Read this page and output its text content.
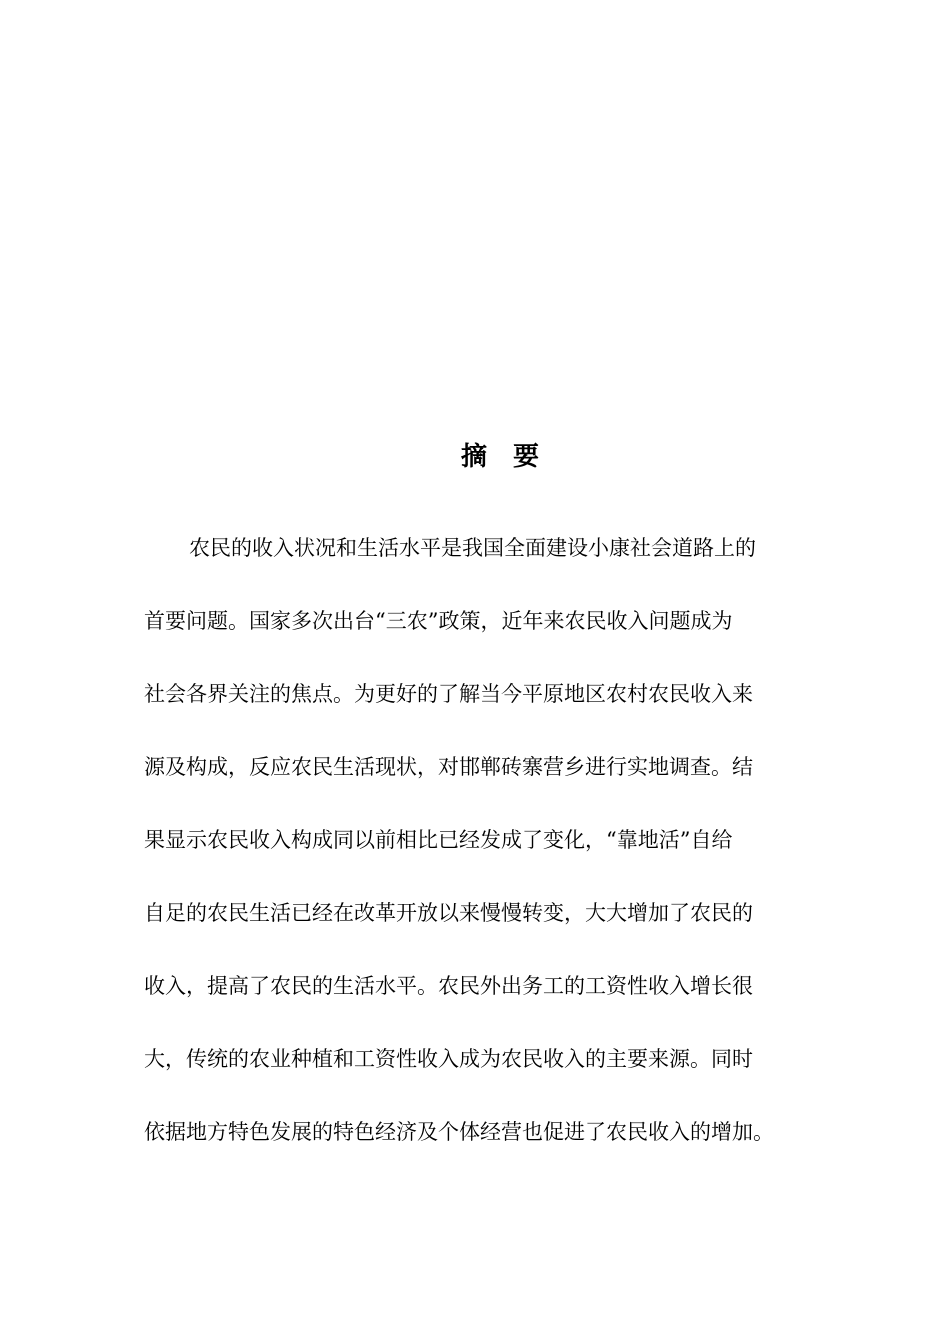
摘 要
农民的收入状况和生活水平是我国全面建设小康社会道路上的
首要问题。国家多次出台“三农”政策，近年来农民收入问题成为
社会各界关注的焦点。为更好的了解当今平原地区农村农民收入来
源及构成，反应农民生活现状，对邯郸砖寨营乡进行实地调查。结
果显示农民收入构成同以前相比已经发成了变化，“靠地活”自给
自足的农民生活已经在改革开放以来慢慢转变，大大增加了农民的
收入，提高了农民的生活水平。农民外出务工的工资性收入增长很
大，传统的农业种植和工资性收入成为农民收入的主要来源。同时
依据地方特色发展的特色经济及个体经营也促进了农民收入的增加。
